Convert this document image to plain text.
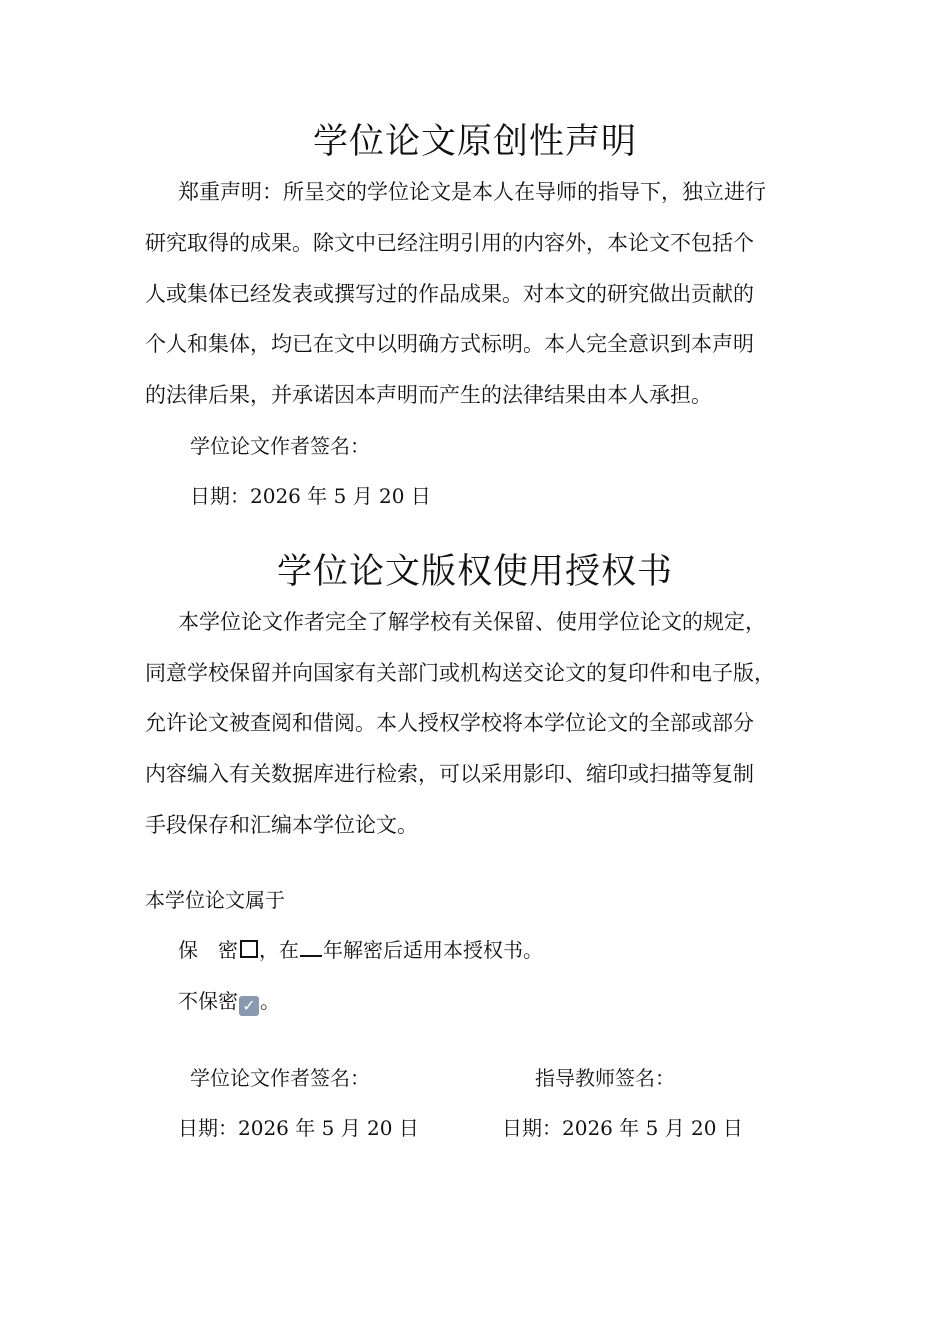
学位论文原创性声明
郑重声明：所呈交的学位论文是本人在导师的指导下，独立进行
研究取得的成果。除文中已经注明引用的内容外，本论文不包括个
人或集体已经发表或撰写过的作品成果。对本文的研究做出贡献的
个人和集体，均已在文中以明确方式标明。本人完全意识到本声明
的法律后果，并承诺因本声明而产生的法律结果由本人承担。
学位论文作者签名：
日期：2026 年 5 月 20 日
学位论文版权使用授权书
本学位论文作者完全了解学校有关保留、使用学位论文的规定，
同意学校保留并向国家有关部门或机构送交论文的复印件和电子版，
允许论文被查阅和借阅。本人授权学校将本学位论文的全部或部分
内容编入有关数据库进行检索，可以采用影印、缩印或扫描等复制
手段保存和汇编本学位论文。
本学位论文属于
保　密 ，在 年解密后适用本授权书。
不保密 ✓ 。
学位论文作者签名：	指导教师签名：
日期：2026 年 5 月 20 日	日期：2026 年 5 月 20 日
